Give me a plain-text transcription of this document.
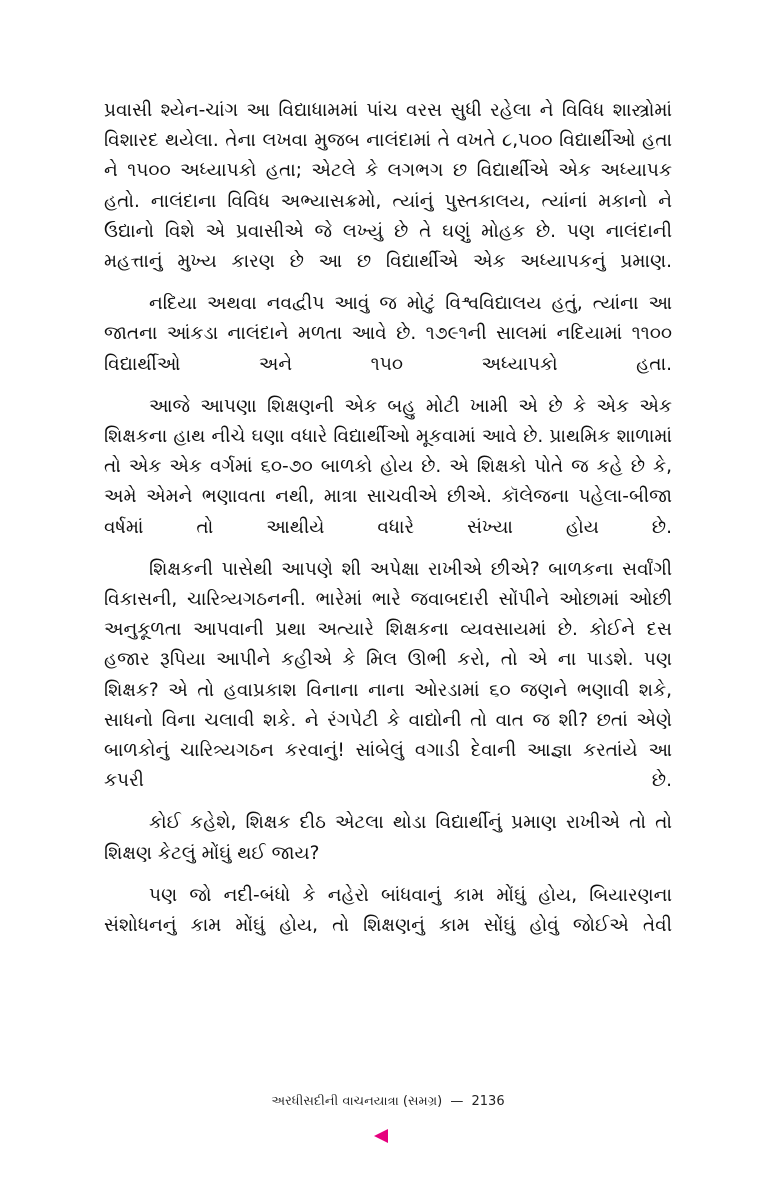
પ્રવાસી શ્યેન-ચાંગ આ વિદ્યાધામમાં પાંચ વરસ સુધી રહેલા ને વિવિધ શાસ્ત્રોમાં વિશારદ થયેલા. તેના લખવા મુજબ નાલંદામાં તે વખતે ૮,૫૦૦ વિદ્યાર્થીઓ હતા ને ૧૫૦૦ અધ્યાપકો હતા; એટલે કે લગભગ છ વિદ્યાર્થીએ એક અધ્યાપક હતો. નાલંદાના વિવિધ અભ્યાસક્રમો, ત્યાંનું પુસ્તકાલય, ત્યાંનાં મકાનો ને ઉદ્યાનો વિશે એ પ્રવાસીએ જે લખ્યું છે તે ઘણું મોહક છે. પણ નાલંદાની મહત્તાનું મુખ્ય કારણ છે આ છ વિદ્યાર્થીએ એક અધ્યાપકનું પ્રમાણ.

નદિયા અથવા નવદ્વીપ આવું જ મોટું વિશ્વવિદ્યાલય હતું, ત્યાંના આ જાતના આંકડા નાલંદાને મળતા આવે છે. ૧૭૯૧ની સાલમાં નદિયામાં ૧૧૦૦ વિદ્યાર્થીઓ અને ૧૫૦ અધ્યાપકો હતા.

આજે આપણા શિક્ષણની એક બહુ મોટી ખામી એ છે કે એક એક શિક્ષકના હાથ નીચે ઘણા વધારે વિદ્યાર્થીઓ મૂકવામાં આવે છે. પ્રાથમિક શાળામાં તો એક એક વર્ગમાં ૬૦-૭૦ બાળકો હોય છે. એ શિક્ષકો પોતે જ કહે છે કે, અમે એમને ભણાવતા નથી, માત્રા સાચવીએ છીએ. કૉલેજના પહેલા-બીજા વર્ષમાં તો આથીયે વધારે સંખ્યા હોય છે.

શિક્ષકની પાસેથી આપણે શી અપેક્ષા રાખીએ છીએ? બાળકના સર્વાંગી વિકાસની, ચારિત્ર્યગઠનની. ભારેમાં ભારે જવાબદારી સોંપીને ઓછામાં ઓછી અનુકૂળતા આપવાની પ્રથા અત્યારે શિક્ષકના વ્યવસાયમાં છે. કોઈને દસ હજાર રૂપિયા આપીને કહીએ કે મિલ ઊભી કરો, તો એ ના પાડશે. પણ શિક્ષક? એ તો હવાપ્રકાશ વિનાના નાના ઓરડામાં ૬૦ જણને ભણાવી શકે, સાધનો વિના ચલાવી શકે. ને રંગપેટી કે વાદ્યોની તો વાત જ શી? છતાં એણે બાળકોનું ચારિત્ર્યગઠન કરવાનું! સાંબેલું વગાડી દેવાની આજ્ઞા કરતાંયે આ કપરી છે.

કોઈ કહેશે, શિક્ષક દીઠ એટલા થોડા વિદ્યાર્થીનું પ્રમાણ રાખીએ તો તો શિક્ષણ કેટલું મોંઘું થઈ જાય?

પણ જો નદી-બંધો કે નહેરો બાંધવાનું કામ મોંઘું હોય, બિયારણના સંશોધનનું કામ મોંઘું હોય, તો શિક્ષણનું કામ સોંઘું હોવું જોઈએ તેવી

અરધીસદીની વાચનયાત્રા (સમગ્ર) — 2136
